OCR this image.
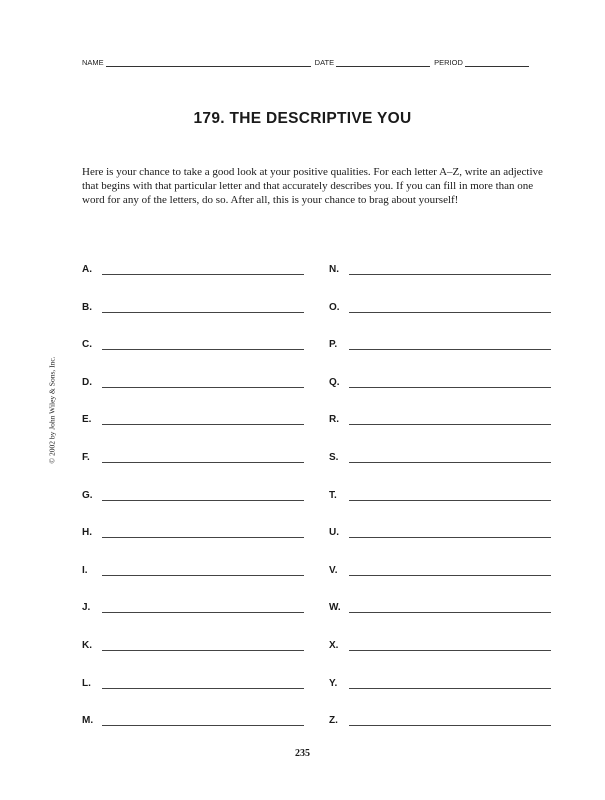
NAME	DATE	PERIOD
179. THE DESCRIPTIVE YOU
Here is your chance to take a good look at your positive qualities. For each letter A–Z, write an adjective that begins with that particular letter and that accurately describes you. If you can fill in more than one word for any of the letters, do so. After all, this is your chance to brag about yourself!
© 2002 by John Wiley & Sons, Inc.
A.
B.
C.
D.
E.
F.
G.
H.
I.
J.
K.
L.
M.
N.
O.
P.
Q.
R.
S.
T.
U.
V.
W.
X.
Y.
Z.
235
